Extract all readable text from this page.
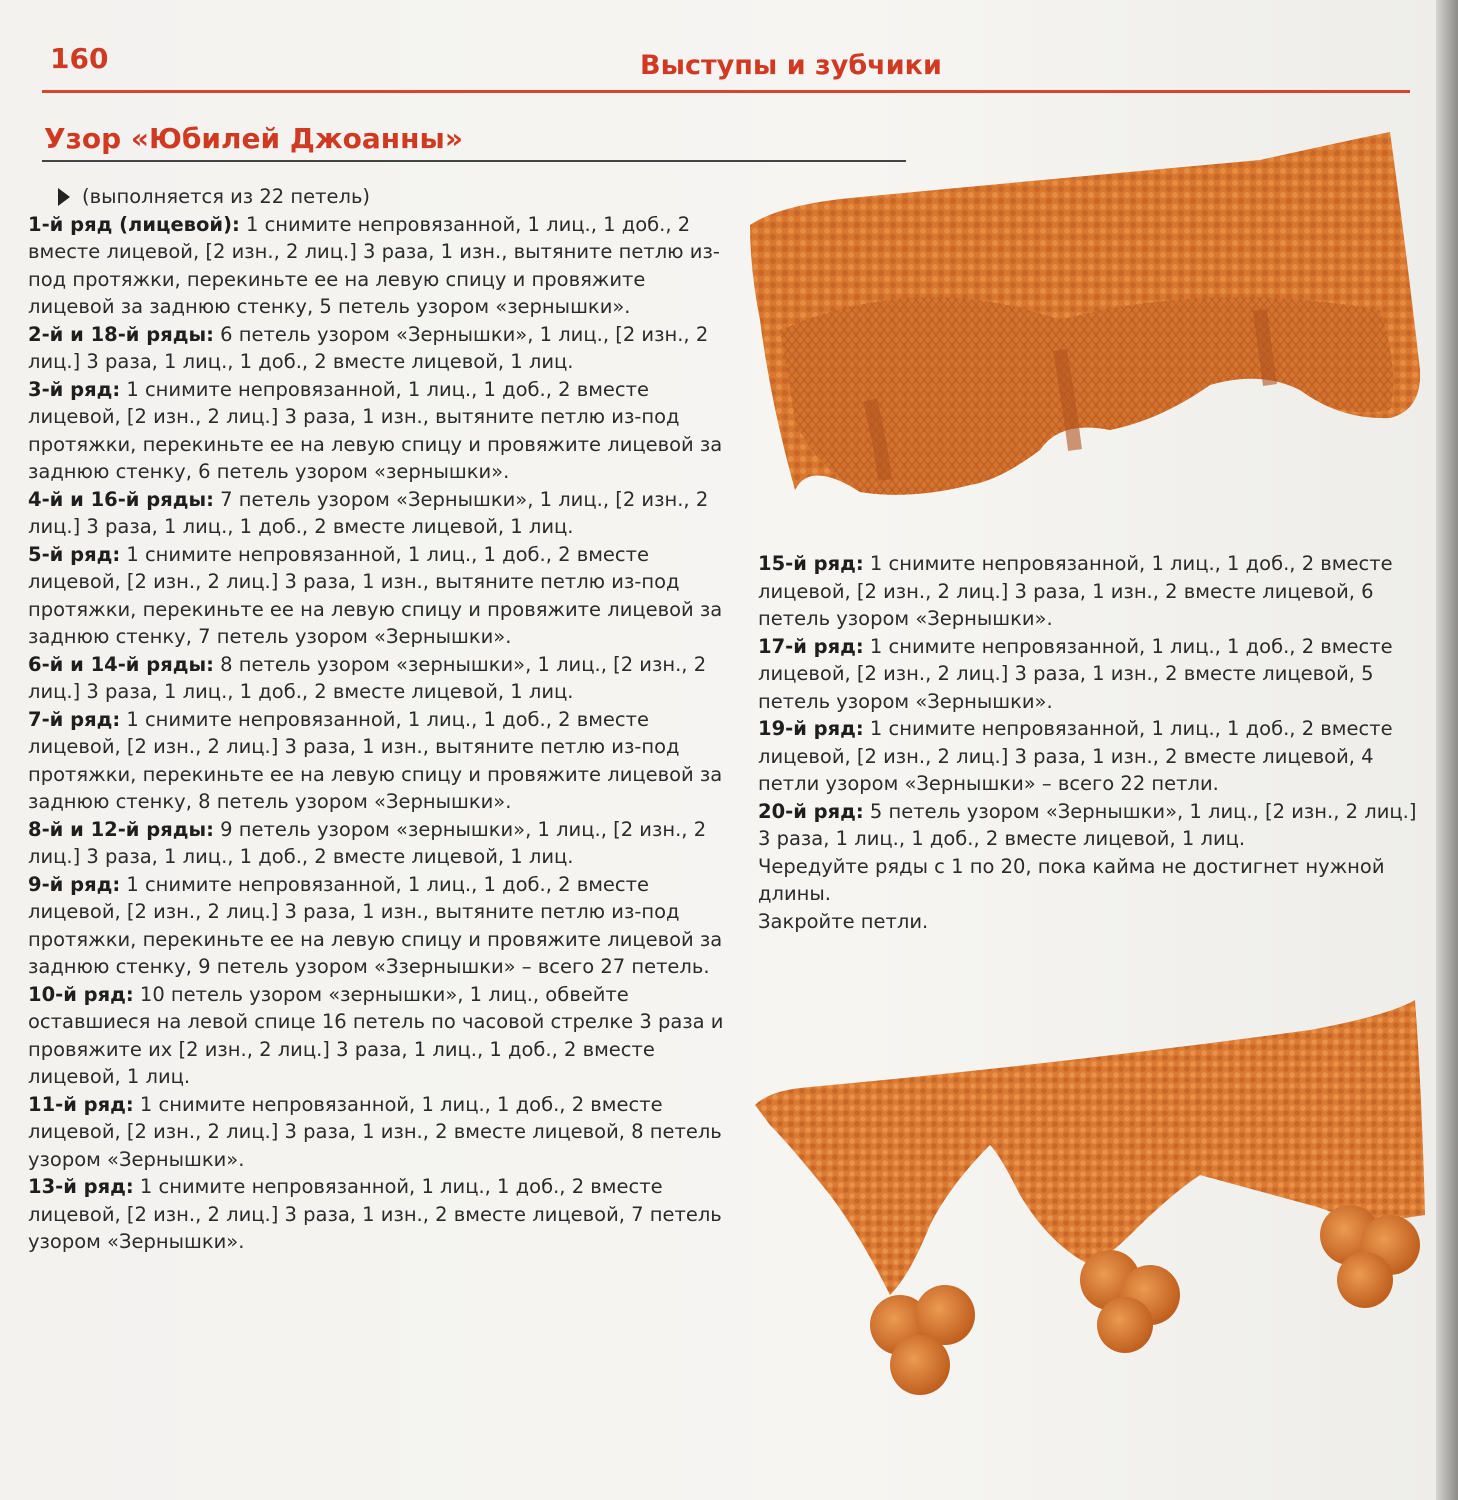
160	Выступы и зубчики
Узор «Юбилей Джоанны»
(выполняется из 22 петель)

1-й ряд (лицевой): 1 снимите непровязанной, 1 лиц., 1 доб., 2 вместе лицевой, [2 изн., 2 лиц.] 3 раза, 1 изн., вытяните петлю из-под протяжки, перекиньте ее на левую спицу и провяжите лицевой за заднюю стенку, 5 петель узором «зернышки».

2-й и 18-й ряды: 6 петель узором «Зернышки», 1 лиц., [2 изн., 2 лиц.] 3 раза, 1 лиц., 1 доб., 2 вместе лицевой, 1 лиц.

3-й ряд: 1 снимите непровязанной, 1 лиц., 1 доб., 2 вместе лицевой, [2 изн., 2 лиц.] 3 раза, 1 изн., вытяните петлю из-под протяжки, перекиньте ее на левую спицу и провяжите лицевой за заднюю стенку, 6 петель узором «зернышки».

4-й и 16-й ряды: 7 петель узором «Зернышки», 1 лиц., [2 изн., 2 лиц.] 3 раза, 1 лиц., 1 доб., 2 вместе лицевой, 1 лиц.

5-й ряд: 1 снимите непровязанной, 1 лиц., 1 доб., 2 вместе лицевой, [2 изн., 2 лиц.] 3 раза, 1 изн., вытяните петлю из-под протяжки, перекиньте ее на левую спицу и провяжите лицевой за заднюю стенку, 7 петель узором «Зернышки».

6-й и 14-й ряды: 8 петель узором «зернышки», 1 лиц., [2 изн., 2 лиц.] 3 раза, 1 лиц., 1 доб., 2 вместе лицевой, 1 лиц.

7-й ряд: 1 снимите непровязанной, 1 лиц., 1 доб., 2 вместе лицевой, [2 изн., 2 лиц.] 3 раза, 1 изн., вытяните петлю из-под протяжки, перекиньте ее на левую спицу и провяжите лицевой за заднюю стенку, 8 петель узором «Зернышки».

8-й и 12-й ряды: 9 петель узором «зернышки», 1 лиц., [2 изн., 2 лиц.] 3 раза, 1 лиц., 1 доб., 2 вместе лицевой, 1 лиц.

9-й ряд: 1 снимите непровязанной, 1 лиц., 1 доб., 2 вместе лицевой, [2 изн., 2 лиц.] 3 раза, 1 изн., вытяните петлю из-под протяжки, перекиньте ее на левую спицу и провяжите лицевой за заднюю стенку, 9 петель узором «Ззернышки» – всего 27 петель.

10-й ряд: 10 петель узором «зернышки», 1 лиц., обвейте оставшиеся на левой спице 16 петель по часовой стрелке 3 раза и провяжите их [2 изн., 2 лиц.] 3 раза, 1 лиц., 1 доб., 2 вместе лицевой, 1 лиц.

11-й ряд: 1 снимите непровязанной, 1 лиц., 1 доб., 2 вместе лицевой, [2 изн., 2 лиц.] 3 раза, 1 изн., 2 вместе лицевой, 8 петель узором «Зернышки».

13-й ряд: 1 снимите непровязанной, 1 лиц., 1 доб., 2 вместе лицевой, [2 изн., 2 лиц.] 3 раза, 1 изн., 2 вместе лицевой, 7 петель узором «Зернышки».

15-й ряд: 1 снимите непровязанной, 1 лиц., 1 доб., 2 вместе лицевой, [2 изн., 2 лиц.] 3 раза, 1 изн., 2 вместе лицевой, 6 петель узором «Зернышки».

17-й ряд: 1 снимите непровязанной, 1 лиц., 1 доб., 2 вместе лицевой, [2 изн., 2 лиц.] 3 раза, 1 изн., 2 вместе лицевой, 5 петель узором «Зернышки».

19-й ряд: 1 снимите непровязанной, 1 лиц., 1 доб., 2 вместе лицевой, [2 изн., 2 лиц.] 3 раза, 1 изн., 2 вместе лицевой, 4 петли узором «Зернышки» – всего 22 петли.

20-й ряд: 5 петель узором «Зернышки», 1 лиц., [2 изн., 2 лиц.] 3 раза, 1 лиц., 1 доб., 2 вместе лицевой, 1 лиц.

Чередуйте ряды с 1 по 20, пока кайма не достигнет нужной длины.

Закройте петли.
